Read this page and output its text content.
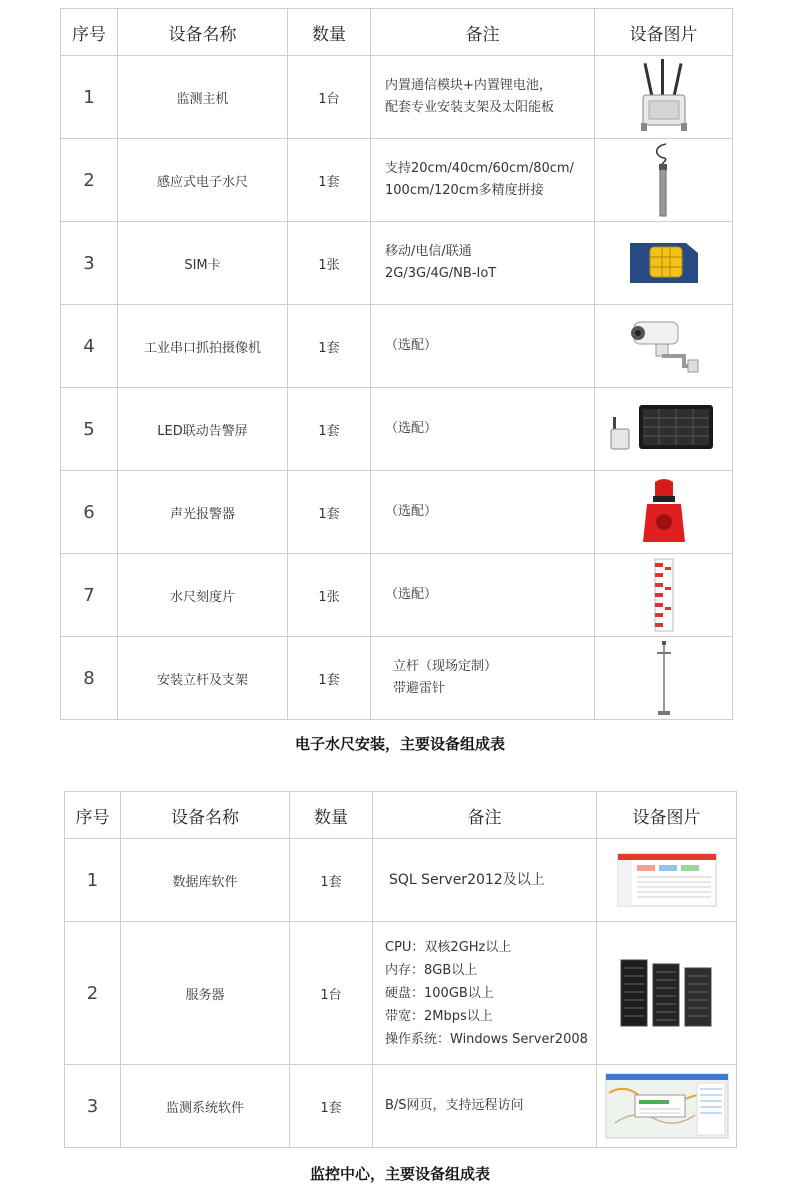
序号	设备名称	数量	备注	设备图片
1	监测主机	1台	内置通信模块+内置锂电池，
配套专业安装支架及太阳能板

2	感应式电子水尺	1套	支持20cm/40cm/60cm/80cm/
100cm/120cm多精度拼接

3	SIM卡	1张	移动/电信/联通
2G/3G/4G/NB-IoT

4	工业串口抓拍摄像机	1套	（选配）

5	LED联动告警屏	1套	（选配）

6	声光报警器	1套	（选配）

7	水尺刻度片	1张	（选配）

8	安装立杆及支架	1套	立杆（现场定制）
带避雷针

电子水尺安装，主要设备组成表
序号	设备名称	数量	备注	设备图片
1	数据库软件	1套	SQL Server2012及以上

2	服务器	1台	CPU：双核2GHz以上
内存：8GB以上
硬盘：100GB以上
带宽：2Mbps以上
操作系统：Windows Server2008

3	监测系统软件	1套	B/S网页，支持远程访问

监控中心，主要设备组成表
